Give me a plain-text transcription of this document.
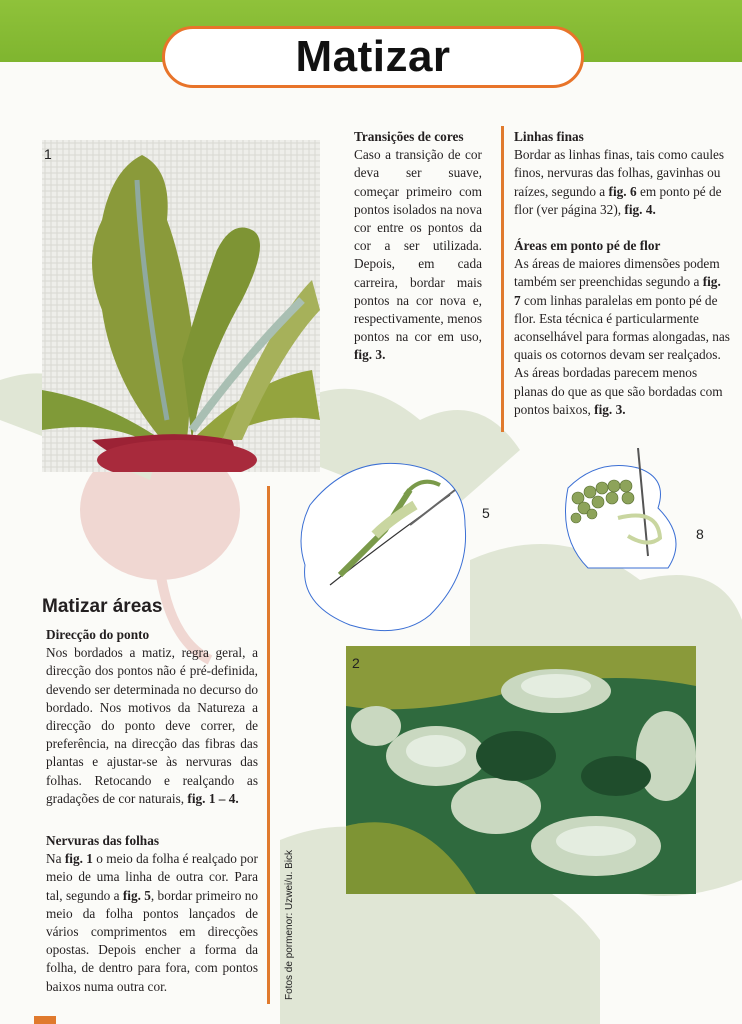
Matizar
1
Transições de cores

Caso a transição de cor deva ser suave, começar primeiro com pontos isolados na nova cor entre os pontos da cor a ser utilizada. Depois, em cada carreira, bordar mais pontos na cor nova e, respectivamente, menos pontos na cor em uso, fig. 3.

Linhas finas

Bordar as linhas finas, tais como caules finos, nervuras das folhas, gavinhas ou raízes, segundo a fig. 6 em ponto pé de flor (ver página 32), fig. 4.

Áreas em ponto pé de flor

As áreas de maiores dimensões podem também ser preenchidas segundo a fig. 7 com linhas paralelas em ponto pé de flor. Esta técnica é particularmente aconselhável para formas alongadas, nas quais os cotornos devam ser realçados. As áreas bordadas parecem menos planas do que as que são bordadas com pontos baixos, fig. 3.

5
8
Matizar áreas
Direcção do ponto

Nos bordados a matiz, regra geral, a direcção dos pontos não é pré-definida, devendo ser determinada no decurso do bordado. Nos motivos da Natureza a direcção do ponto deve correr, de preferência, na direcção das fibras das plantas e ajustar-se às nervuras das folhas. Retocando e realçando as gradações de cor naturais, fig. 1 – 4.

Nervuras das folhas

Na fig. 1 o meio da folha é realçado por meio de uma linha de outra cor. Para tal, segundo a fig. 5, bordar primeiro no meio da folha pontos lançados de vários comprimentos em direcções opostas. Depois encher a forma da folha, de dentro para fora, com pontos baixos numa outra cor.

2
Fotos de pormenor: Uzwei/u. Bick
